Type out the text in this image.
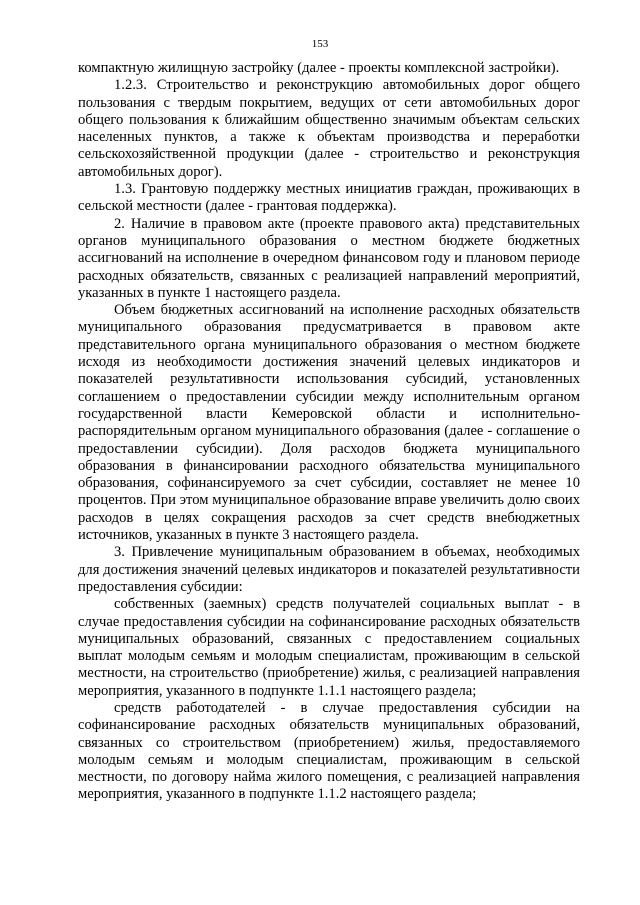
153

компактную жилищную застройку (далее - проекты комплексной застройки).

1.2.3. Строительство и реконструкцию автомобильных дорог общего пользования с твердым покрытием, ведущих от сети автомобильных дорог общего пользования к ближайшим общественно значимым объектам сельских населенных пунктов, а также к объектам производства и переработки сельскохозяйственной продукции (далее - строительство и реконструкция автомобильных дорог).

1.3. Грантовую поддержку местных инициатив граждан, проживающих в сельской местности (далее - грантовая поддержка).

2. Наличие в правовом акте (проекте правового акта) представительных органов муниципального образования о местном бюджете бюджетных ассигнований на исполнение в очередном финансовом году и плановом периоде расходных обязательств, связанных с реализацией направлений мероприятий, указанных в пункте 1 настоящего раздела.

Объем бюджетных ассигнований на исполнение расходных обязательств муниципального образования предусматривается в правовом акте представительного органа муниципального образования о местном бюджете исходя из необходимости достижения значений целевых индикаторов и показателей результативности использования субсидий, установленных соглашением о предоставлении субсидии между исполнительным органом государственной власти Кемеровской области и исполнительно-распорядительным органом муниципального образования (далее - соглашение о предоставлении субсидии). Доля расходов бюджета муниципального образования в финансировании расходного обязательства муниципального образования, софинансируемого за счет субсидии, составляет не менее 10 процентов. При этом муниципальное образование вправе увеличить долю своих расходов в целях сокращения расходов за счет средств внебюджетных источников, указанных в пункте 3 настоящего раздела.

3. Привлечение муниципальным образованием в объемах, необходимых для достижения значений целевых индикаторов и показателей результативности предоставления субсидии:

собственных (заемных) средств получателей социальных выплат - в случае предоставления субсидии на софинансирование расходных обязательств муниципальных образований, связанных с предоставлением социальных выплат молодым семьям и молодым специалистам, проживающим в сельской местности, на строительство (приобретение) жилья, с реализацией направления мероприятия, указанного в подпункте 1.1.1 настоящего раздела;

средств работодателей - в случае предоставления субсидии на софинансирование расходных обязательств муниципальных образований, связанных со строительством (приобретением) жилья, предоставляемого молодым семьям и молодым специалистам, проживающим в сельской местности, по договору найма жилого помещения, с реализацией направления мероприятия, указанного в подпункте 1.1.2 настоящего раздела;
